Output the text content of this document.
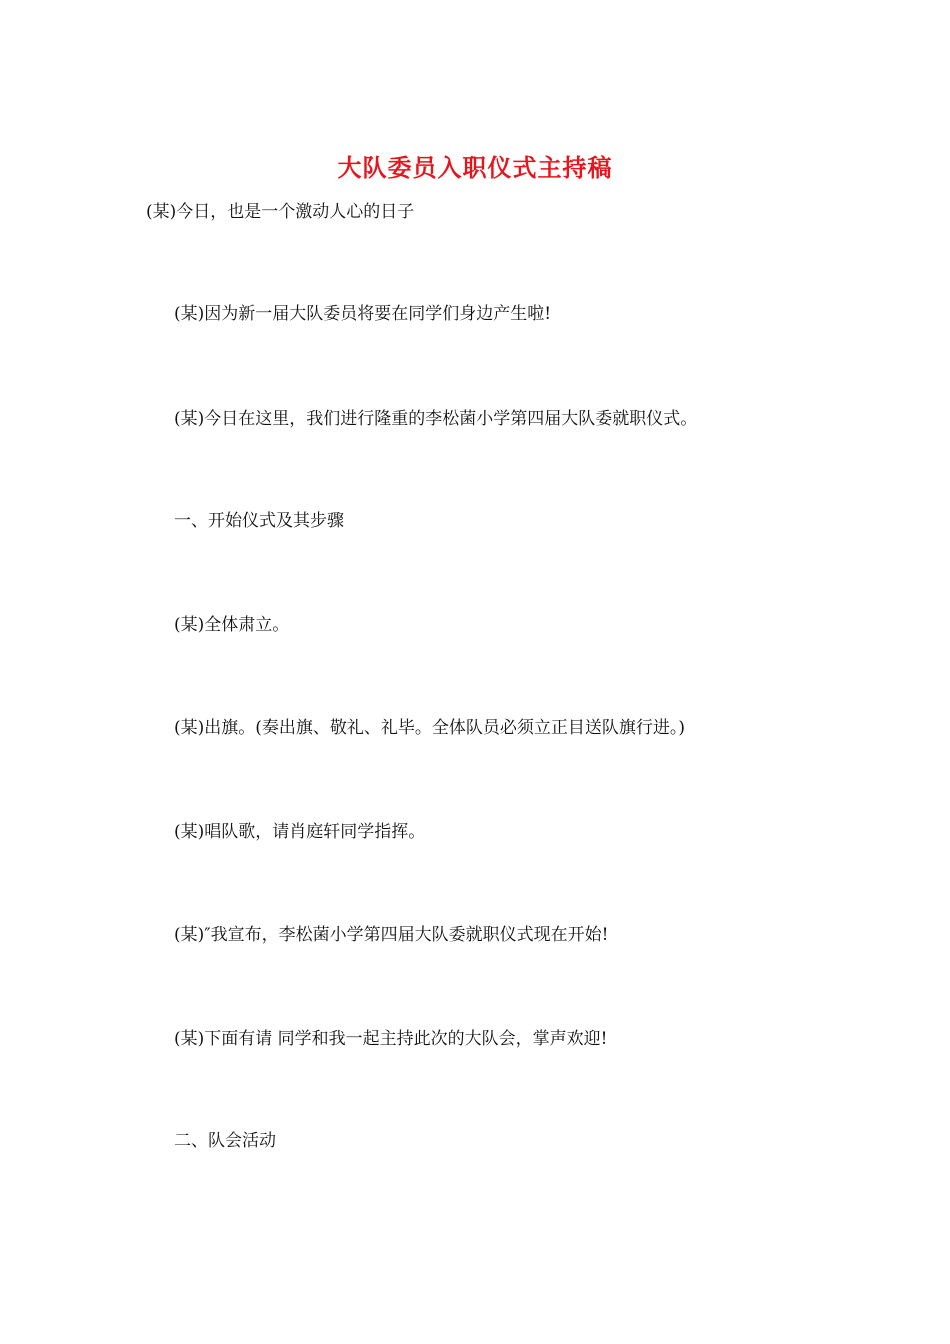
大队委员入职仪式主持稿
(某)今日，也是一个激动人心的日子
(某)因为新一届大队委员将要在同学们身边产生啦!
(某)今日在这里，我们进行隆重的李松菌小学第四届大队委就职仪式。
一、开始仪式及其步骤
(某)全体肃立。
(某)出旗。(奏出旗、敬礼、礼毕。全体队员必须立正目送队旗行进。)
(某)唱队歌，请肖庭轩同学指挥。
(某)″我宣布，李松菌小学第四届大队委就职仪式现在开始!
(某)下面有请 同学和我一起主持此次的大队会，掌声欢迎!
二、队会活动
